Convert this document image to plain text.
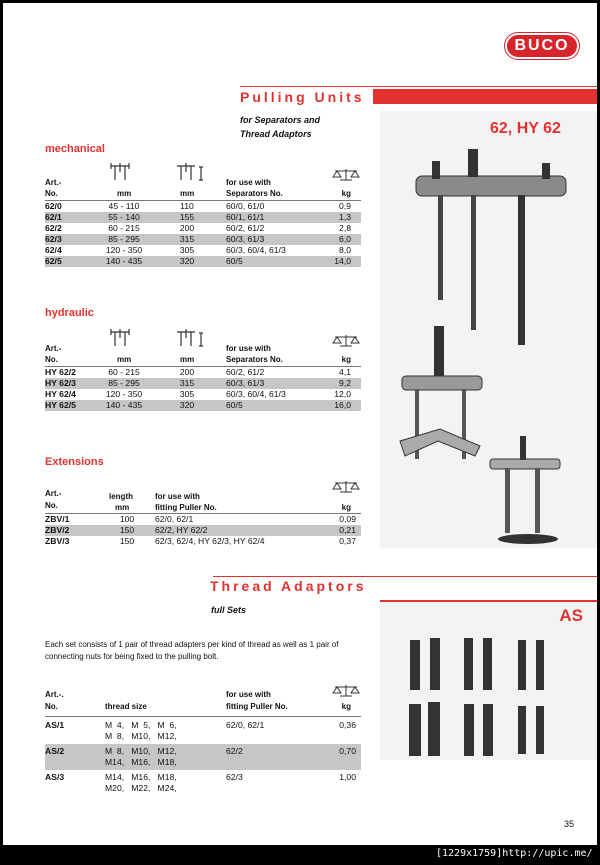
BUCO
Pulling Units
for Separators and
Thread Adaptors	62, HY 62
mechanical
Art.-
No.	mm	mm
for use with
Separators No.	kg
62/0	45 - 110	110	60/0, 61/0	0,9
62/1	55 - 140	155	60/1, 61/1	1,3
62/2	60 - 215	200	60/2, 61/2	2,8
62/3	85 - 295	315	60/3, 61/3	6,0
62/4	120 - 350	305	60/3, 60/4, 61/3	8,0
62/5	140 - 435	320	60/5	14,0
hydraulic
Art.-
No.	mm	mm
for use with
Separators No.	kg
HY 62/2	60 - 215	200	60/2, 61/2	4,1
HY 62/3	85 - 295	315	60/3, 61/3	9,2
HY 62/4	120 - 350	305	60/3, 60/4, 61/3	12,0
HY 62/5	140 - 435	320	60/5	16,0
Extensions
Art.-
No.
length
mm
for use with
fitting Puller No.	kg
ZBV/1	100	62/0, 62/1	0,09
ZBV/2	150	62/2, HY 62/2	0,21
ZBV/3	150	62/3, 62/4, HY 62/3, HY 62/4	0,37
Thread Adaptors
full Sets	AS
Each set consists of 1 pair of thread adapters per kind of thread as well as 1 pair of
connecting nuts for being fixed to the pulling bolt.
Art.-.
No.	thread size
for use with
fitting Puller No.	kg
AS/1	M  4,   M  5,   M  6,
M  8,   M10,   M12,
62/0, 62/1	0,36
AS/2	M  8,   M10,   M12,
M14,   M16,   M18,
62/2	0,70
AS/3	M14,   M16,   M18,
M20,   M22,   M24,
62/3	1,00
35
[1229x1759]http://upic.me/
